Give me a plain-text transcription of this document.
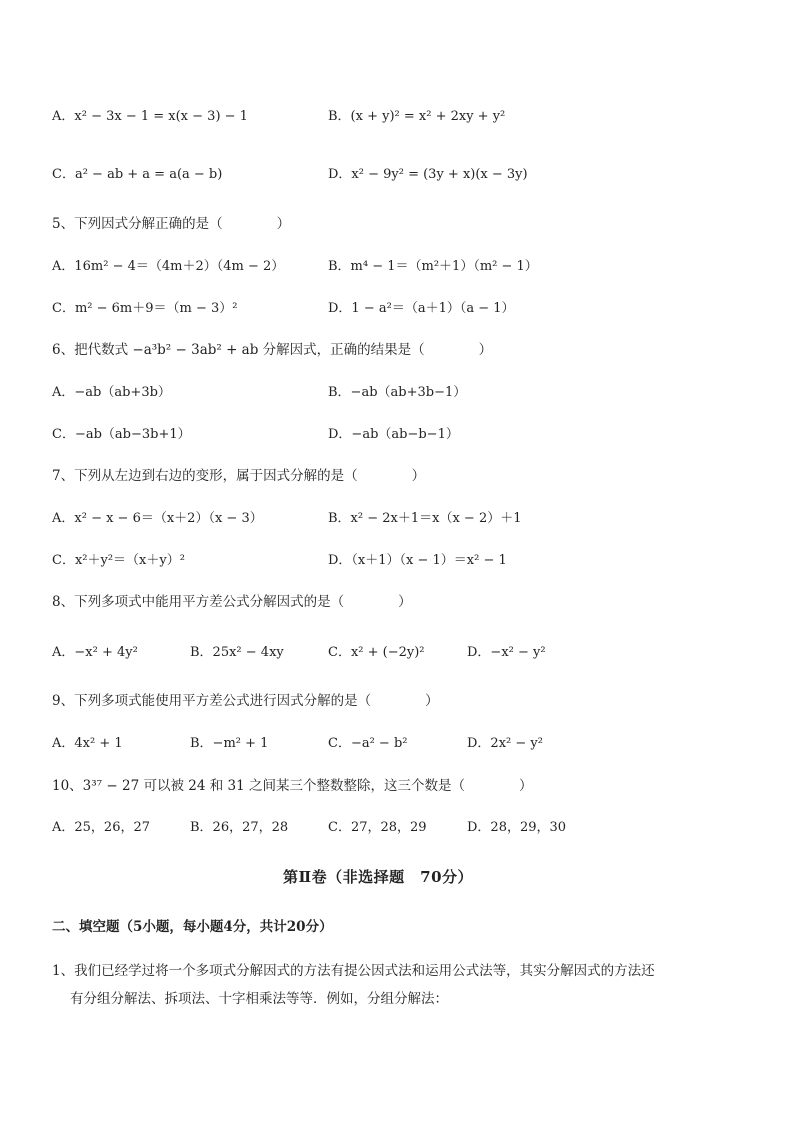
A．x² − 3x − 1 = x(x − 3) − 1	B．(x + y)² = x² + 2xy + y²
C．a² − ab + a = a(a − b)	D．x² − 9y² = (3y + x)(x − 3y)
5、下列因式分解正确的是（　　　　）
A．16m² − 4＝（4m＋2）（4m − 2）	B．m⁴ − 1＝（m²＋1）（m² − 1）
C．m² − 6m＋9＝（m − 3）²	D．1 − a²＝（a＋1）（a − 1）
6、把代数式 −a³b² − 3ab² + ab 分解因式，正确的结果是（　　　　）
A．−ab（ab+3b）	B．−ab（ab+3b−1）
C．−ab（ab−3b+1）	D．−ab（ab−b−1）
7、下列从左边到右边的变形，属于因式分解的是（　　　　）
A．x² − x − 6＝（x＋2）（x − 3）	B．x² − 2x＋1＝x（x − 2）＋1
C．x²＋y²＝（x＋y）²	D．（x＋1）（x − 1）＝x² − 1
8、下列多项式中能用平方差公式分解因式的是（　　　　）
A．−x² + 4y²	B．25x² − 4xy	C．x² + (−2y)²	D．−x² − y²
9、下列多项式能使用平方差公式进行因式分解的是（　　　　）
A．4x² + 1	B．−m² + 1	C．−a² − b²	D．2x² − y²
10、3³⁷ − 27 可以被 24 和 31 之间某三个整数整除，这三个数是（　　　　）
A．25，26，27	B．26，27，28	C．27，28，29	D．28，29，30
第Ⅱ卷（非选择题　70分）
二、填空题（5小题，每小题4分，共计20分）
1、我们已经学过将一个多项式分解因式的方法有提公因式法和运用公式法等，其实分解因式的方法还
有分组分解法、拆项法、十字相乘法等等．例如，分组分解法：
